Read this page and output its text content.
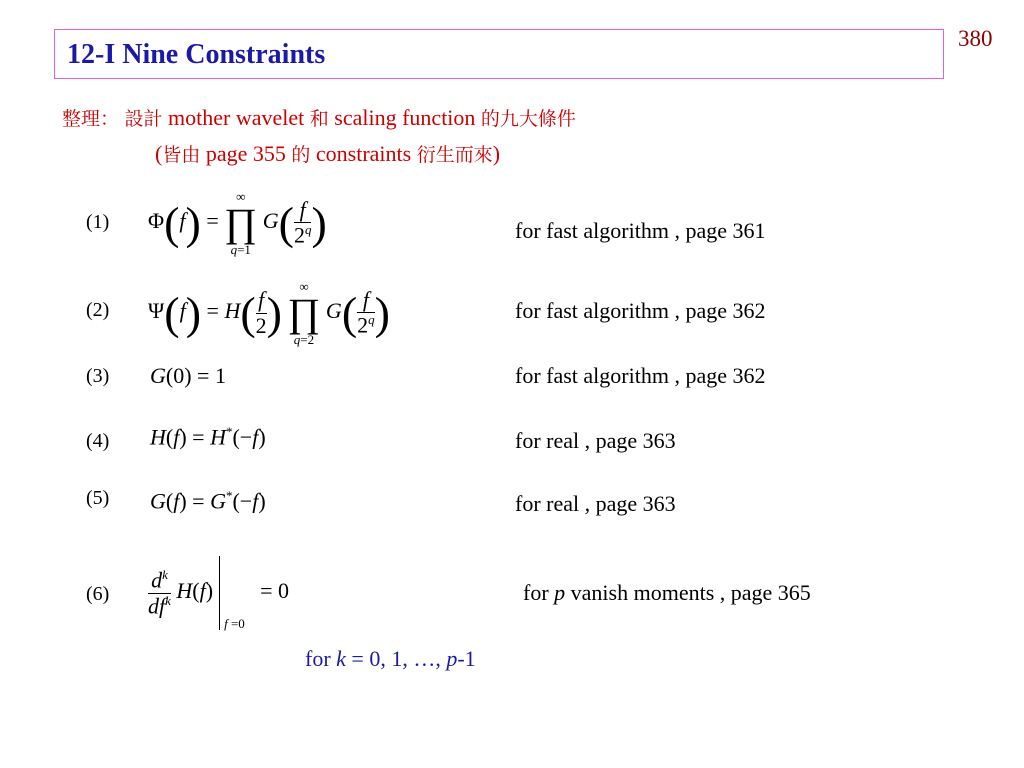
380
12-I Nine Constraints
整理： 設計 mother wavelet 和 scaling function 的九大條件
(皆由 page 355 的 constraints 衍生而來)
(1) Φ(f) =
∞
∏
q=1
$G( \frac{f}{2^q}$ )	for fast algorithm , page 361
(2) $\Psi(f) = H( \frac{f}{2}$ )
∞
∏
q=2
$G( \frac{f}{2^q}$ )	for fast algorithm , page 362
(3) G(0) = 1	for fast algorithm , page 362
(4) H(f) = H*(−f)	for real , page 363
(5) G(f) = G*(−f)	for real , page 363
$(6) \frac{d^k}{df^k} H(f) = 0$
f =0
for p vanish moments , page 365
for k = 0, 1, …, p-1
